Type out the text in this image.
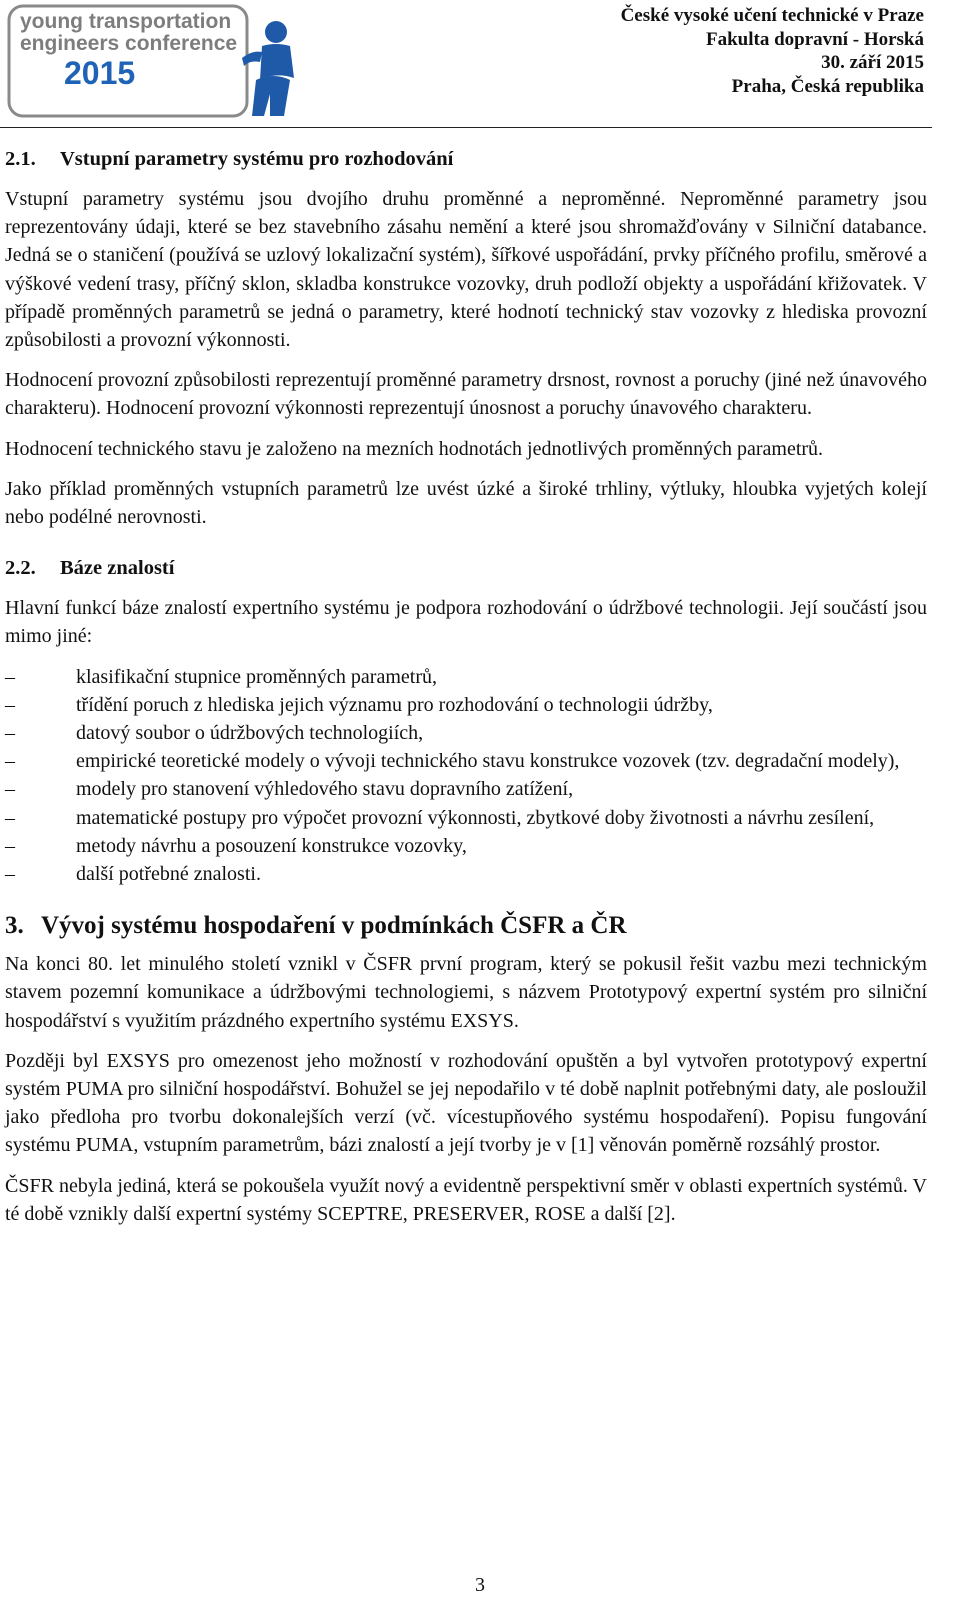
young transportation
engineers conference
2015
České vysoké učení technické v Praze
Fakulta dopravní - Horská
30. září 2015
Praha, Česká republika
2.1. Vstupní parametry systému pro rozhodování

Vstupní parametry systému jsou dvojího druhu proměnné a neproměnné. Neproměnné parametry jsou reprezentovány údaji, které se bez stavebního zásahu nemění a které jsou shromažďovány v Silniční databance. Jedná se o staničení (používá se uzlový lokalizační systém), šířkové uspořádání, prvky příčného profilu, směrové a výškové vedení trasy, příčný sklon, skladba konstrukce vozovky, druh podloží objekty a uspořádání křižovatek. V případě proměnných parametrů se jedná o parametry, které hodnotí technický stav vozovky z hlediska provozní způsobilosti a provozní výkonnosti.

Hodnocení provozní způsobilosti reprezentují proměnné parametry drsnost, rovnost a poruchy (jiné než únavového charakteru). Hodnocení provozní výkonnosti reprezentují únosnost a poruchy únavového charakteru.

Hodnocení technického stavu je založeno na mezních hodnotách jednotlivých proměnných parametrů.

Jako příklad proměnných vstupních parametrů lze uvést úzké a široké trhliny, výtluky, hloubka vyjetých kolejí nebo podélné nerovnosti.

2.2. Báze znalostí

Hlavní funkcí báze znalostí expertního systému je podpora rozhodování o údržbové technologii. Její součástí jsou mimo jiné:

–	klasifikační stupnice proměnných parametrů,
–	třídění poruch z hlediska jejich významu pro rozhodování o technologii údržby,
–	datový soubor o údržbových technologiích,
–	empirické teoretické modely o vývoji technického stavu konstrukce vozovek (tzv. degradační modely),
–	modely pro stanovení výhledového stavu dopravního zatížení,
–	matematické postupy pro výpočet provozní výkonnosti, zbytkové doby životnosti a návrhu zesílení,
–	metody návrhu a posouzení konstrukce vozovky,
–	další potřebné znalosti.
3. Vývoj systému hospodaření v podmínkách ČSFR a ČR

Na konci 80. let minulého století vznikl v ČSFR první program, který se pokusil řešit vazbu mezi technickým stavem pozemní komunikace a údržbovými technologiemi, s názvem Prototypový expertní systém pro silniční hospodářství s využitím prázdného expertního systému EXSYS.

Později byl EXSYS pro omezenost jeho možností v rozhodování opuštěn a byl vytvořen prototypový expertní systém PUMA pro silniční hospodářství. Bohužel se jej nepodařilo v té době naplnit potřebnými daty, ale posloužil jako předloha pro tvorbu dokonalejších verzí (vč. vícestupňového systému hospodaření). Popisu fungování systému PUMA, vstupním parametrům, bázi znalostí a její tvorby je v [1] věnován poměrně rozsáhlý prostor.

ČSFR nebyla jediná, která se pokoušela využít nový a evidentně perspektivní směr v oblasti expertních systémů. V té době vznikly další expertní systémy SCEPTRE, PRESERVER, ROSE a další [2].

3
